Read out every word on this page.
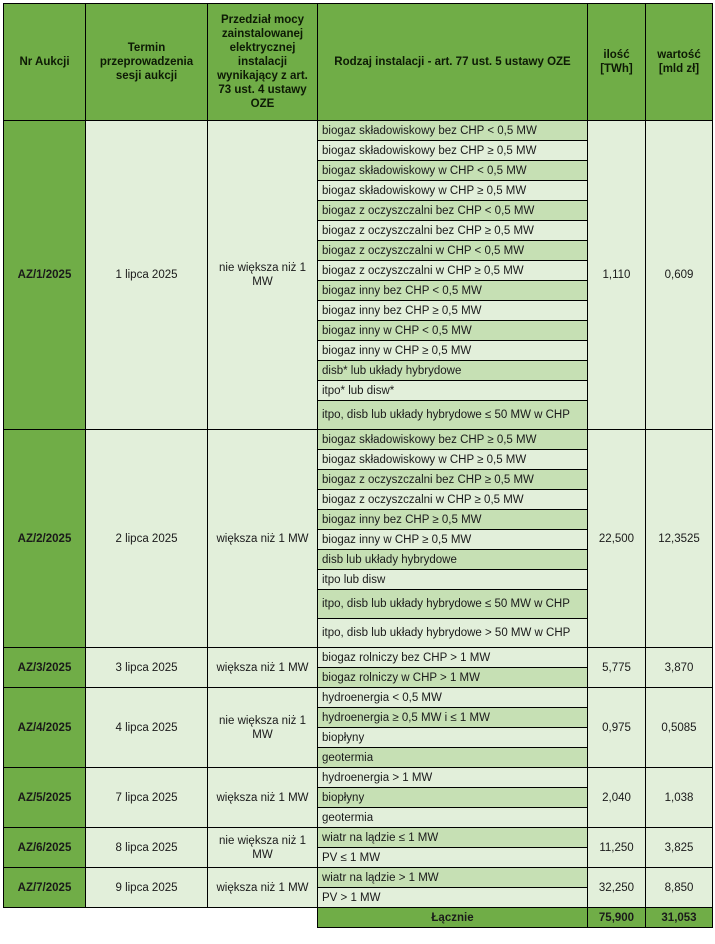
Nr Aukcji	Termin przeprowadzenia sesji aukcji	Przedział mocy zainstalowanej elektrycznej instalacji wynikający z art. 73 ust. 4 ustawy OZE	Rodzaj instalacji - art. 77 ust. 5 ustawy OZE	ilość [TWh]	wartość [mld zł]
AZ/1/2025	1 lipca 2025	nie większa niż 1 MW	biogaz składowiskowy bez CHP < 0,5 MW	1,110	0,609
			biogaz składowiskowy bez CHP ≥ 0,5 MW		
			biogaz składowiskowy w CHP < 0,5 MW		
			biogaz składowiskowy w CHP ≥ 0,5 MW		
			biogaz z oczyszczalni bez CHP < 0,5 MW		
			biogaz z oczyszczalni bez CHP ≥ 0,5 MW		
			biogaz z oczyszczalni w CHP < 0,5 MW		
			biogaz z oczyszczalni w CHP ≥ 0,5 MW		
			biogaz inny bez CHP < 0,5 MW		
			biogaz inny bez CHP ≥ 0,5 MW		
			biogaz inny w CHP < 0,5 MW		
			biogaz inny w CHP ≥ 0,5 MW		
			disb* lub układy hybrydowe		
			itpo* lub disw*		
			itpo, disb lub układy hybrydowe ≤ 50 MW w CHP		
AZ/2/2025	2 lipca 2025	większa niż 1 MW	biogaz składowiskowy bez CHP ≥ 0,5 MW	22,500	12,3525
			biogaz składowiskowy w CHP ≥ 0,5 MW		
			biogaz z oczyszczalni bez CHP ≥ 0,5 MW		
			biogaz z oczyszczalni w CHP ≥ 0,5 MW		
			biogaz inny bez CHP ≥ 0,5 MW		
			biogaz inny w CHP ≥ 0,5 MW		
			disb lub układy hybrydowe		
			itpo lub disw		
			itpo, disb lub układy hybrydowe ≤ 50 MW w CHP		
			itpo, disb lub układy hybrydowe > 50 MW w CHP		
AZ/3/2025	3 lipca 2025	większa niż 1 MW	biogaz rolniczy bez CHP > 1 MW	5,775	3,870
			biogaz rolniczy w CHP > 1 MW		
AZ/4/2025	4 lipca 2025	nie większa niż 1 MW	hydroenergia < 0,5 MW	0,975	0,5085
			hydroenergia ≥ 0,5 MW i ≤ 1 MW		
			biopłyny		
			geotermia		
AZ/5/2025	7 lipca 2025	większa niż 1 MW	hydroenergia > 1 MW	2,040	1,038
			biopłyny		
			geotermia		
AZ/6/2025	8 lipca 2025	nie większa niż 1 MW	wiatr na lądzie ≤ 1 MW	11,250	3,825
			PV ≤ 1 MW		
AZ/7/2025	9 lipca 2025	większa niż 1 MW	wiatr na lądzie > 1 MW	32,250	8,850
			PV > 1 MW		
			Łącznie	75,900	31,053
